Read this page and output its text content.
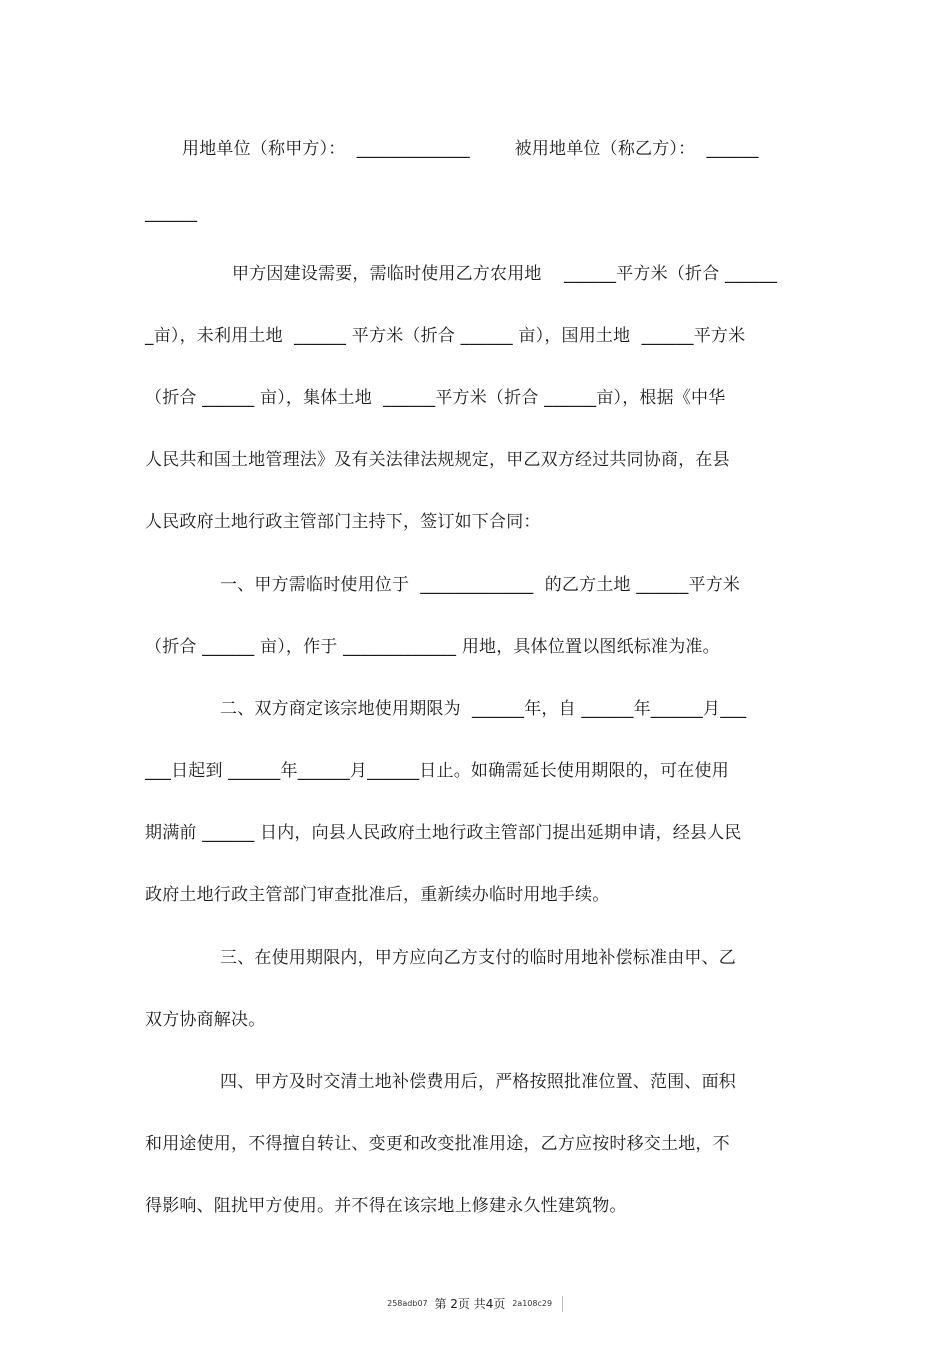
用地单位（称甲方）：  _____________        被用地单位（称乙方）：  ______
______
甲方因建设需要，需临时使用乙方农用地    ______平方米（折合 ______
_亩），未利用土地  ______ 平方米（折合 ______ 亩），国用土地  ______平方米
（折合 ______ 亩），集体土地  ______平方米（折合 ______亩），根据《中华
人民共和国土地管理法》及有关法律法规规定，甲乙双方经过共同协商，在县
人民政府土地行政主管部门主持下，签订如下合同：
一、甲方需临时使用位于  _____________  的乙方土地 ______平方米
（折合 ______ 亩），作于 _____________ 用地，具体位置以图纸标准为准。
二、双方商定该宗地使用期限为  ______年，自 ______年______月___
___日起到 ______年______月______日止。如确需延长使用期限的，可在使用
期满前 ______ 日内，向县人民政府土地行政主管部门提出延期申请，经县人民
政府土地行政主管部门审查批准后，重新续办临时用地手续。
三、在使用期限内，甲方应向乙方支付的临时用地补偿标准由甲、乙
双方协商解决。
四、甲方及时交清土地补偿费用后，严格按照批准位置、范围、面积
和用途使用，不得擅自转让、变更和改变批准用途，乙方应按时移交土地，不
得影响、阻扰甲方使用。并不得在该宗地上修建永久性建筑物。
258adb07 第 2页 共4页 2a108c29
